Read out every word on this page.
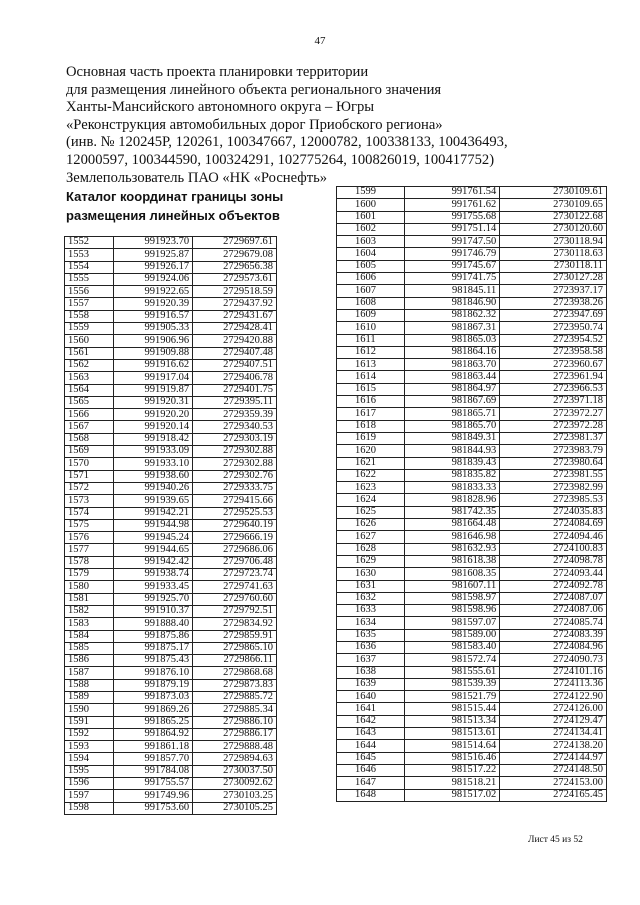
47
Основная часть проекта планировки территории
для размещения линейного объекта регионального значения
Ханты-Мансийского автономного округа – Югры
«Реконструкция автомобильных дорог Приобского региона»
(инв. № 120245Р, 120261, 100347667, 12000782, 100338133, 100436493,
12000597, 100344590, 100324291, 102775264, 100826019, 100417752)
Землепользователь ПАО «НК «Роснефть»
Каталог координат границы зоны
размещения линейных объектов
1552	991923.70	2729697.61
1553	991925.87	2729679.08
1554	991926.17	2729656.38
1555	991924.06	2729573.61
1556	991922.65	2729518.59
1557	991920.39	2729437.92
1558	991916.57	2729431.67
1559	991905.33	2729428.41
1560	991906.96	2729420.88
1561	991909.88	2729407.48
1562	991916.62	2729407.51
1563	991917.04	2729406.78
1564	991919.87	2729401.75
1565	991920.31	2729395.11
1566	991920.20	2729359.39
1567	991920.14	2729340.53
1568	991918.42	2729303.19
1569	991933.09	2729302.88
1570	991933.10	2729302.88
1571	991938.60	2729302.76
1572	991940.26	2729333.75
1573	991939.65	2729415.66
1574	991942.21	2729525.53
1575	991944.98	2729640.19
1576	991945.24	2729666.19
1577	991944.65	2729686.06
1578	991942.42	2729706.48
1579	991938.74	2729723.74
1580	991933.45	2729741.63
1581	991925.70	2729760.60
1582	991910.37	2729792.51
1583	991888.40	2729834.92
1584	991875.86	2729859.91
1585	991875.17	2729865.10
1586	991875.43	2729866.11
1587	991876.10	2729868.68
1588	991879.19	2729873.83
1589	991873.03	2729885.72
1590	991869.26	2729885.34
1591	991865.25	2729886.10
1592	991864.92	2729886.17
1593	991861.18	2729888.48
1594	991857.70	2729894.63
1595	991784.08	2730037.50
1596	991755.57	2730092.62
1597	991749.96	2730103.25
1598	991753.60	2730105.25
1599	991761.54	2730109.61
1600	991761.62	2730109.65
1601	991755.68	2730122.68
1602	991751.14	2730120.60
1603	991747.50	2730118.94
1604	991746.79	2730118.63
1605	991745.67	2730118.11
1606	991741.75	2730127.28
1607	981845.11	2723937.17
1608	981846.90	2723938.26
1609	981862.32	2723947.69
1610	981867.31	2723950.74
1611	981865.03	2723954.52
1612	981864.16	2723958.58
1613	981863.70	2723960.67
1614	981863.44	2723961.94
1615	981864.97	2723966.53
1616	981867.69	2723971.18
1617	981865.71	2723972.27
1618	981865.70	2723972.28
1619	981849.31	2723981.37
1620	981844.93	2723983.79
1621	981839.43	2723980.64
1622	981835.82	2723981.55
1623	981833.33	2723982.99
1624	981828.96	2723985.53
1625	981742.35	2724035.83
1626	981664.48	2724084.69
1627	981646.98	2724094.46
1628	981632.93	2724100.83
1629	981618.38	2724098.78
1630	981608.35	2724093.44
1631	981607.11	2724092.78
1632	981598.97	2724087.07
1633	981598.96	2724087.06
1634	981597.07	2724085.74
1635	981589.00	2724083.39
1636	981583.40	2724084.96
1637	981572.74	2724090.73
1638	981555.61	2724101.16
1639	981539.39	2724113.36
1640	981521.79	2724122.90
1641	981515.44	2724126.00
1642	981513.34	2724129.47
1643	981513.61	2724134.41
1644	981514.64	2724138.20
1645	981516.46	2724144.97
1646	981517.22	2724148.50
1647	981518.21	2724153.00
1648	981517.02	2724165.45
Лист 45 из 52
